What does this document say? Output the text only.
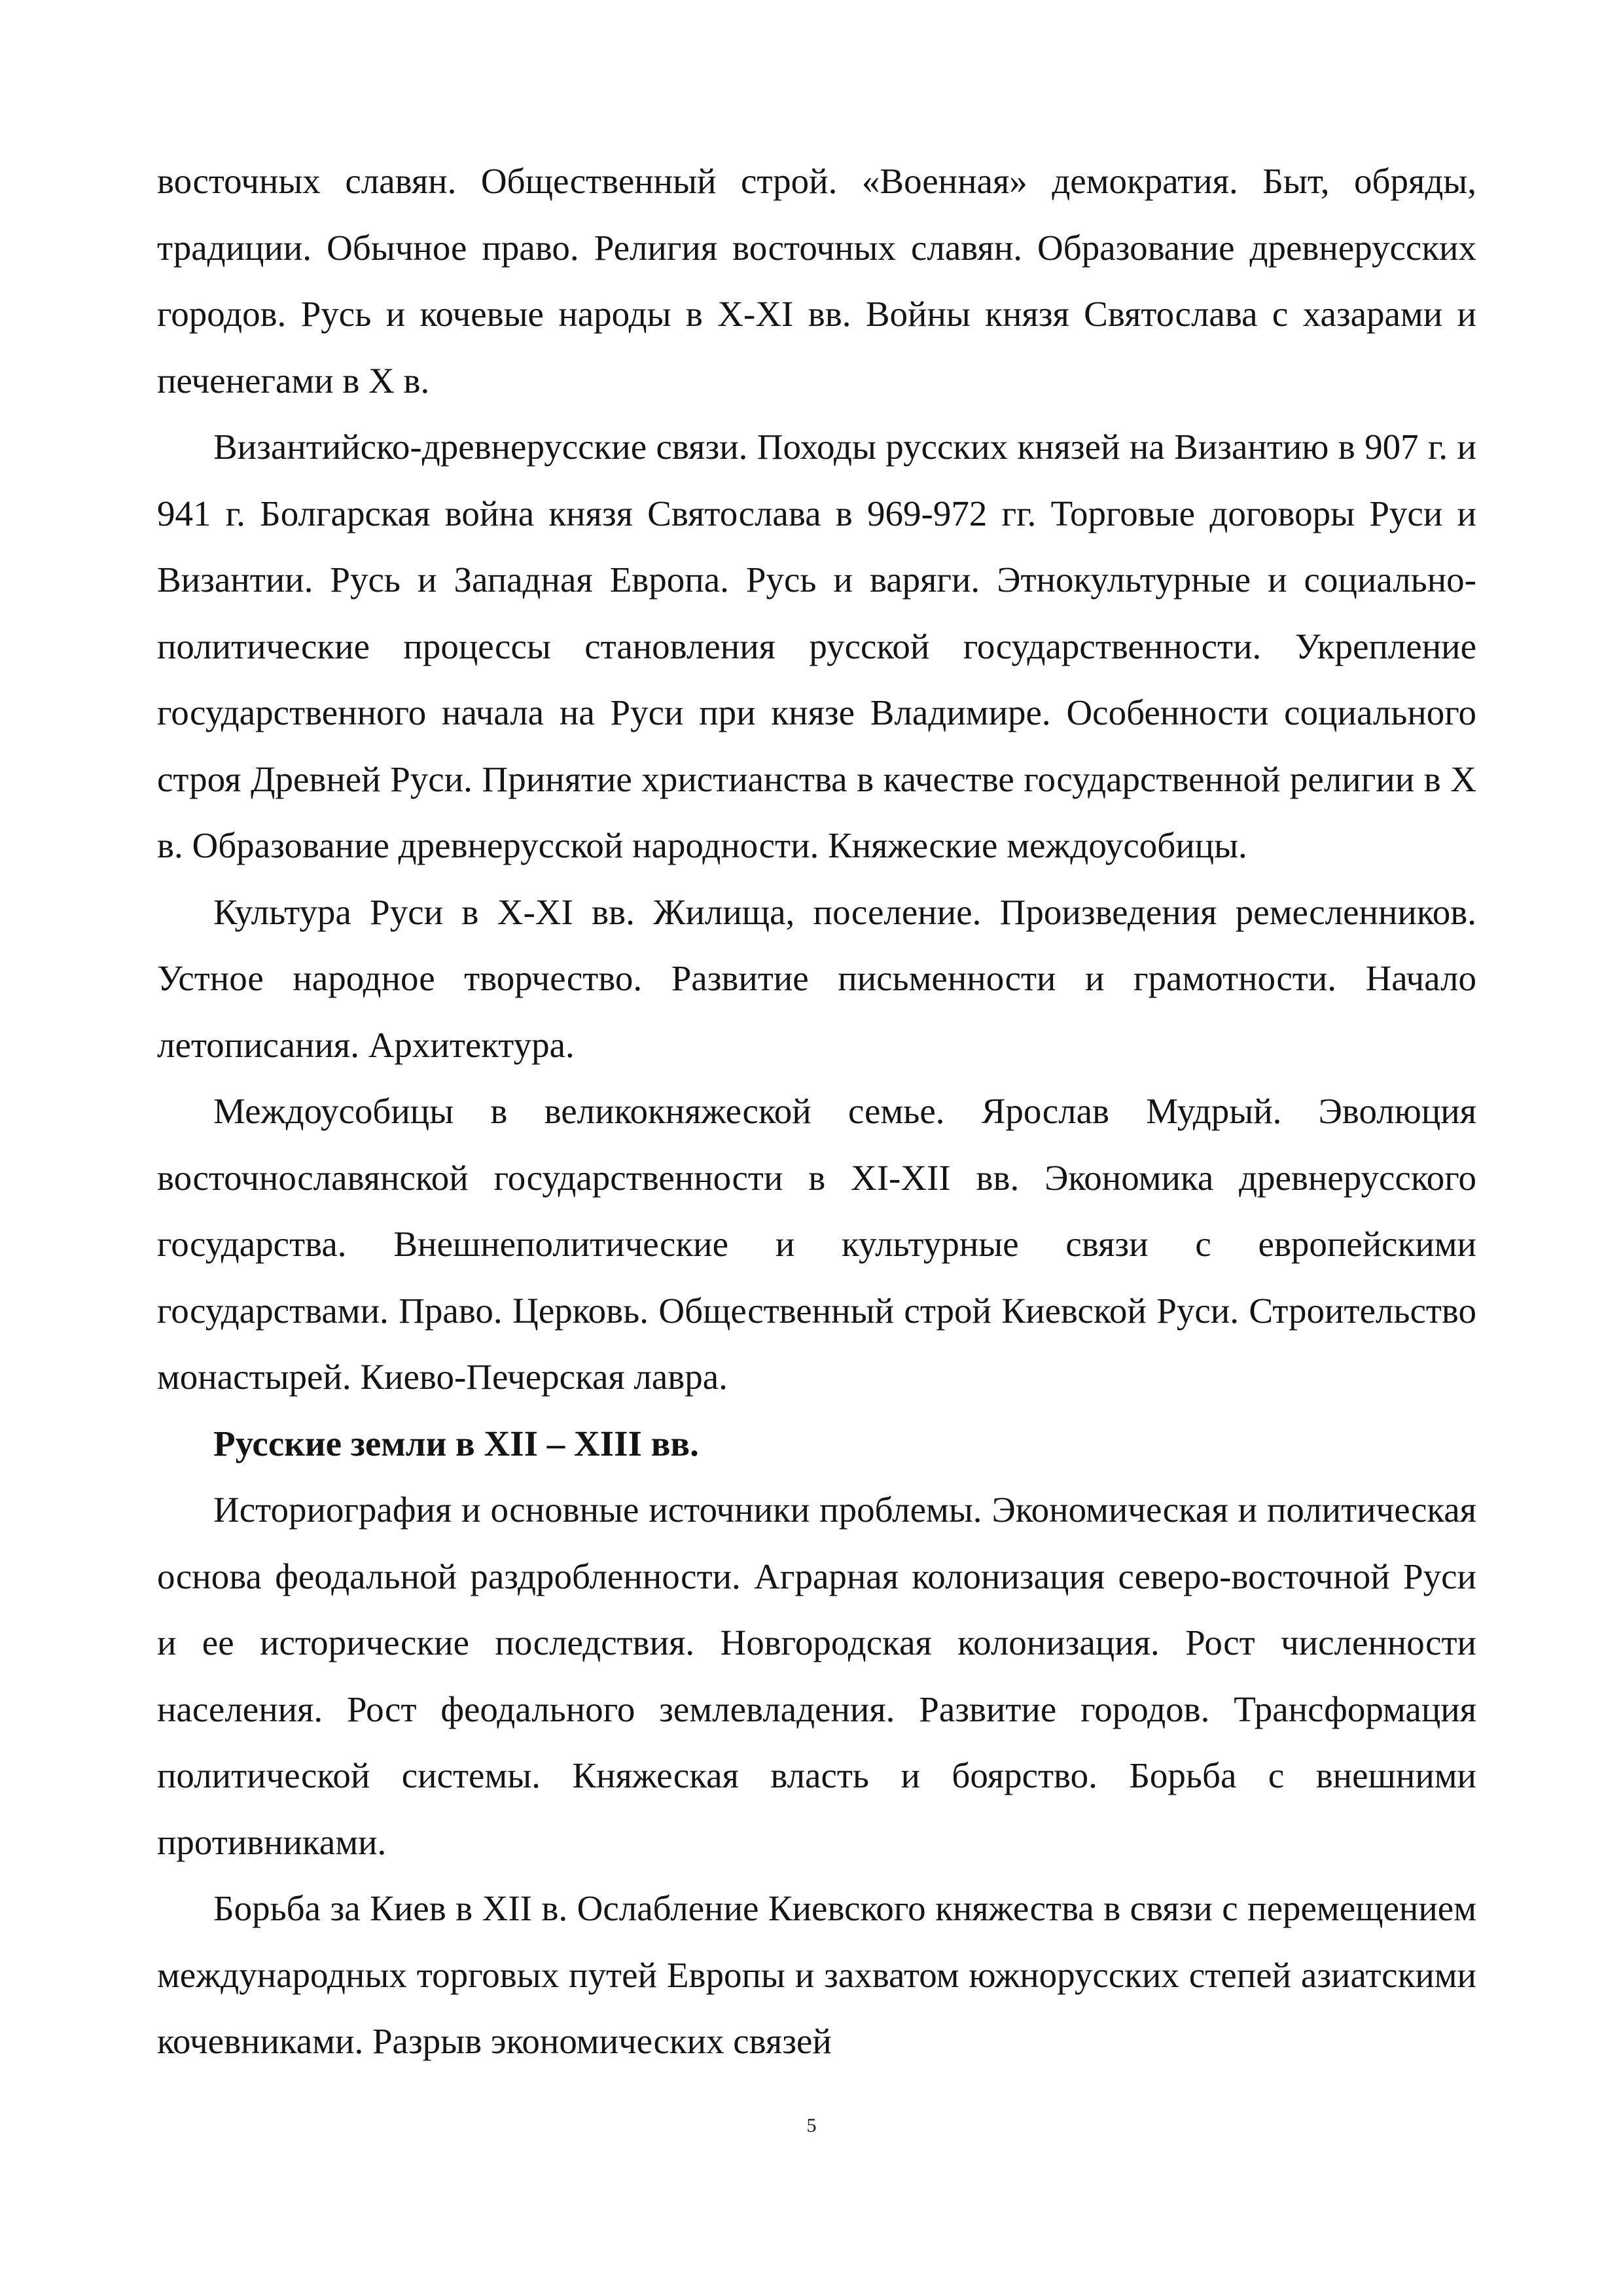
восточных славян. Общественный строй. «Военная» демократия. Быт, обряды, традиции. Обычное право. Религия восточных славян. Образование древнерусских городов. Русь и кочевые народы в X-XI вв. Войны князя Святослава с хазарами и печенегами в X в.

Византийско-древнерусские связи. Походы русских князей на Византию в 907 г. и 941 г. Болгарская война князя Святослава в 969-972 гг. Торговые договоры Руси и Византии. Русь и Западная Европа. Русь и варяги. Этнокультурные и социально-политические процессы становления русской государственности. Укрепление государственного начала на Руси при князе Владимире. Особенности социального строя Древней Руси. Принятие христианства в качестве государственной религии в X в. Образование древнерусской народности. Княжеские междоусобицы.

Культура Руси в X-XI вв. Жилища, поселение. Произведения ремесленников. Устное народное творчество. Развитие письменности и грамотности. Начало летописания. Архитектура.

Междоусобицы в великокняжеской семье. Ярослав Мудрый. Эволюция восточнославянской государственности в XI-XII вв. Экономика древнерусского государства. Внешнеполитические и культурные связи с европейскими государствами. Право. Церковь. Общественный строй Киевской Руси. Строительство монастырей. Киево-Печерская лавра.

Русские земли в XII – XIII вв.

Историография и основные источники проблемы. Экономическая и политическая основа феодальной раздробленности. Аграрная колонизация северо-восточной Руси и ее исторические последствия. Новгородская колонизация. Рост численности населения. Рост феодального землевладения. Развитие городов. Трансформация политической системы. Княжеская власть и боярство. Борьба с внешними противниками.

Борьба за Киев в XII в. Ослабление Киевского княжества в связи с перемещением международных торговых путей Европы и захватом южнорусских степей азиатскими кочевниками. Разрыв экономических связей

5
